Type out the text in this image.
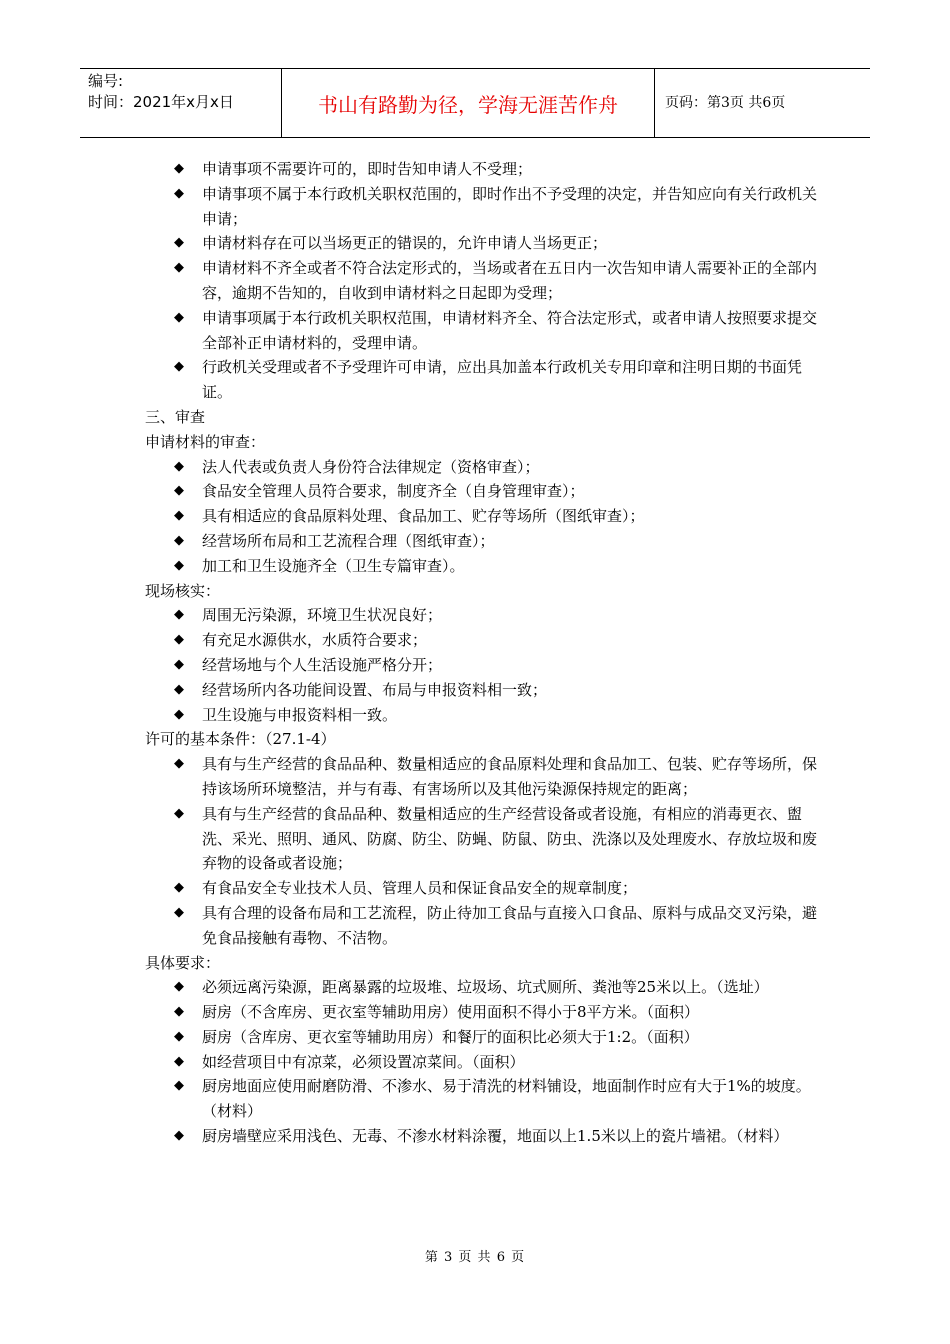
编号:
时间：2021年x月x日	书山有路勤为径，学海无涯苦作舟	页码：第3页 共6页
◆ 申请事项不需要许可的，即时告知申请人不受理；
◆ 申请事项不属于本行政机关职权范围的，即时作出不予受理的决定，并告知应向有关行政机关申请；
◆ 申请材料存在可以当场更正的错误的，允许申请人当场更正；
◆ 申请材料不齐全或者不符合法定形式的，当场或者在五日内一次告知申请人需要补正的全部内容，逾期不告知的，自收到申请材料之日起即为受理；
◆ 申请事项属于本行政机关职权范围，申请材料齐全、符合法定形式，或者申请人按照要求提交全部补正申请材料的，受理申请。
◆ 行政机关受理或者不予受理许可申请，应出具加盖本行政机关专用印章和注明日期的书面凭证。
三、审查
申请材料的审查：
◆ 法人代表或负责人身份符合法律规定（资格审查）；
◆ 食品安全管理人员符合要求，制度齐全（自身管理审查）；
◆ 具有相适应的食品原料处理、食品加工、贮存等场所（图纸审查）；
◆ 经营场所布局和工艺流程合理（图纸审查）；
◆ 加工和卫生设施齐全（卫生专篇审查）。
现场核实：
◆ 周围无污染源，环境卫生状况良好；
◆ 有充足水源供水，水质符合要求；
◆ 经营场地与个人生活设施严格分开；
◆ 经营场所内各功能间设置、布局与申报资料相一致；
◆ 卫生设施与申报资料相一致。
许可的基本条件：（27.1-4）
◆ 具有与生产经营的食品品种、数量相适应的食品原料处理和食品加工、包装、贮存等场所，保持该场所环境整洁，并与有毒、有害场所以及其他污染源保持规定的距离；
◆ 具有与生产经营的食品品种、数量相适应的生产经营设备或者设施，有相应的消毒更衣、盥洗、采光、照明、通风、防腐、防尘、防蝇、防鼠、防虫、洗涤以及处理废水、存放垃圾和废弃物的设备或者设施；
◆ 有食品安全专业技术人员、管理人员和保证食品安全的规章制度；
◆ 具有合理的设备布局和工艺流程，防止待加工食品与直接入口食品、原料与成品交叉污染，避免食品接触有毒物、不洁物。
具体要求：
◆ 必须远离污染源，距离暴露的垃圾堆、垃圾场、坑式厕所、粪池等25米以上。（选址）
◆ 厨房（不含库房、更衣室等辅助用房）使用面积不得小于8平方米。（面积）
◆ 厨房（含库房、更衣室等辅助用房）和餐厅的面积比必须大于1:2。（面积）
◆ 如经营项目中有凉菜，必须设置凉菜间。（面积）
◆ 厨房地面应使用耐磨防滑、不渗水、易于清洗的材料铺设，地面制作时应有大于1%的坡度。（材料）
◆ 厨房墙壁应采用浅色、无毒、不渗水材料涂覆，地面以上1.5米以上的瓷片墙裙。（材料）
第 3 页 共 6 页
